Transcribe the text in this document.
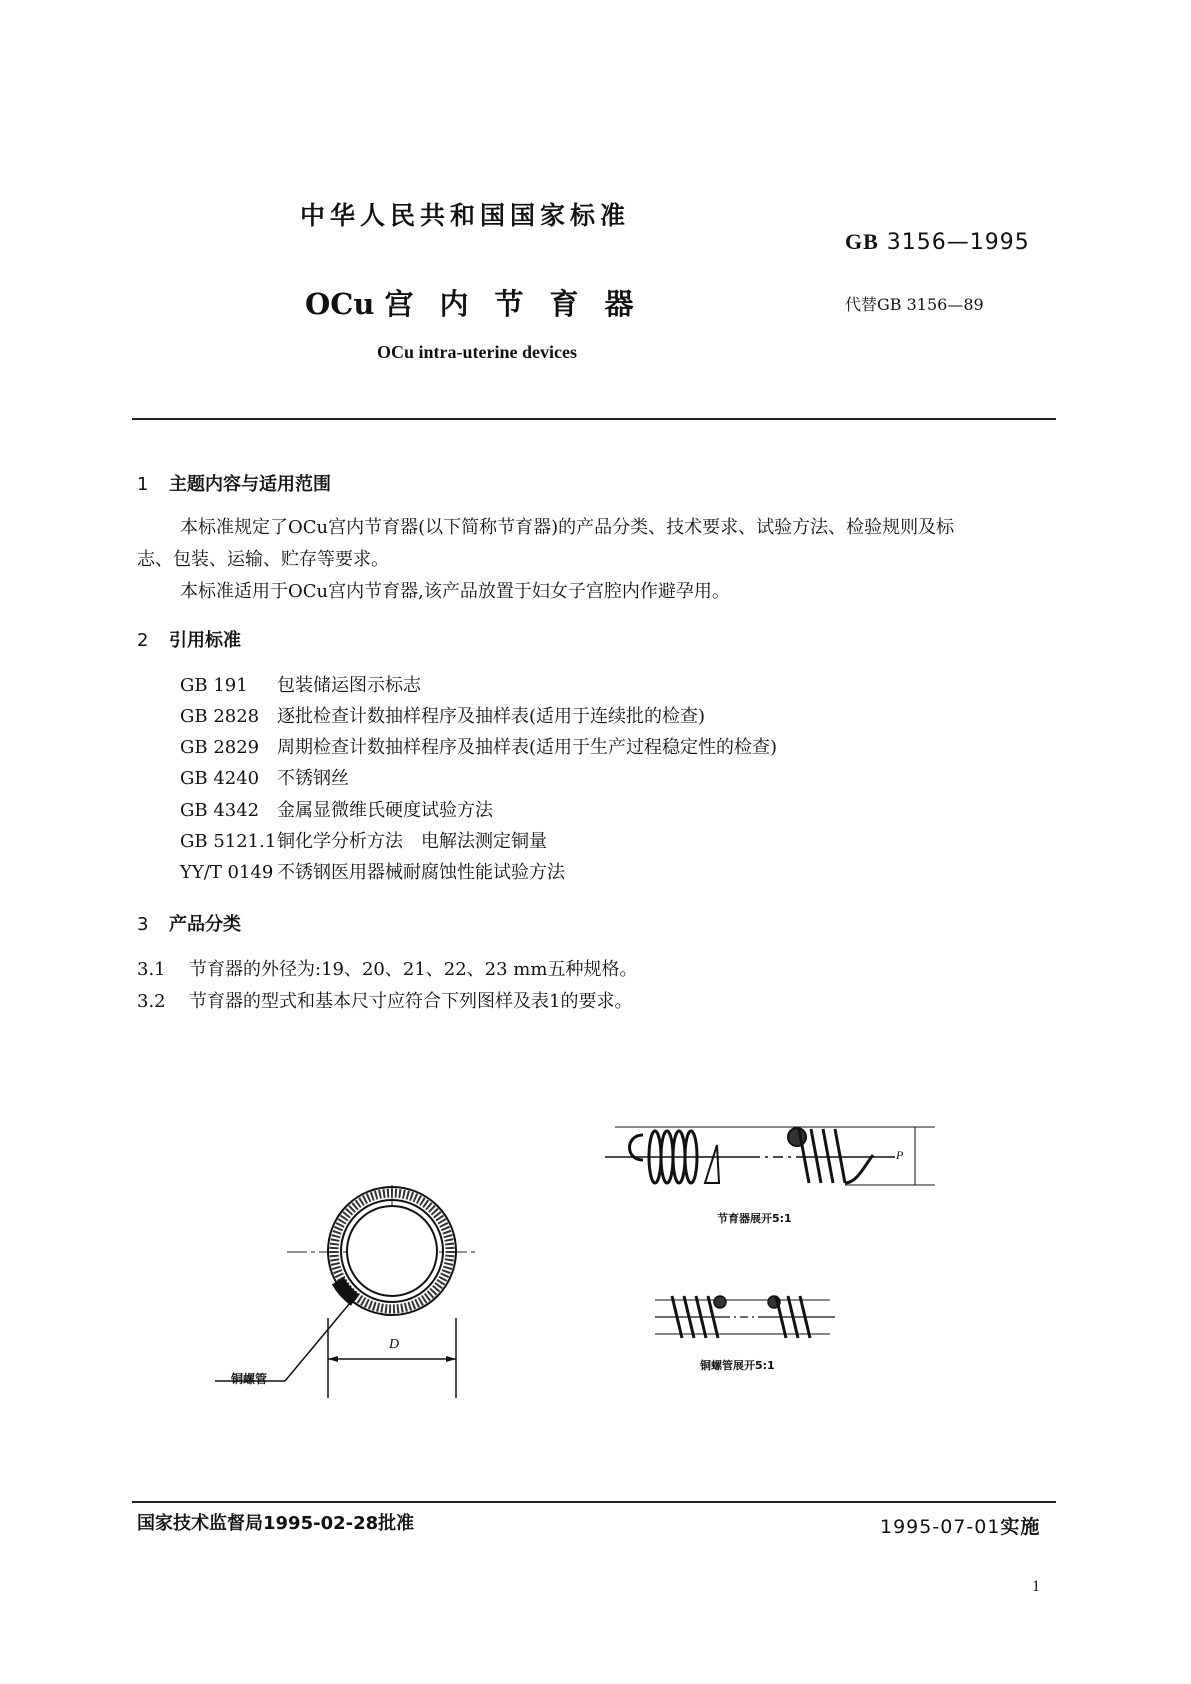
中华人民共和国国家标准
GB 3156—1995
OCu 宫内节育器	代替GB 3156—89
OCu intra-uterine devices
1 主题内容与适用范围
本标准规定了OCu宫内节育器(以下简称节育器)的产品分类、技术要求、试验方法、检验规则及标
志、包装、运输、贮存等要求。
本标准适用于OCu宫内节育器,该产品放置于妇女子宫腔内作避孕用。
2 引用标准
GB 191 包装储运图示标志
GB 2828 逐批检查计数抽样程序及抽样表(适用于连续批的检查)
GB 2829 周期检查计数抽样程序及抽样表(适用于生产过程稳定性的检查)
GB 4240 不锈钢丝
GB 4342 金属显微维氏硬度试验方法
GB 5121.1铜化学分析方法　电解法测定铜量
YY/T 0149 不锈钢医用器械耐腐蚀性能试验方法
3 产品分类
3.1 节育器的外径为:19、20、21、22、23 mm五种规格。
3.2 节育器的型式和基本尺寸应符合下列图样及表1的要求。
铜螺管
D
P
节育器展开5:1
铜螺管展开5:1
国家技术监督局1995-02-28批准	1995-07-01实施
1
